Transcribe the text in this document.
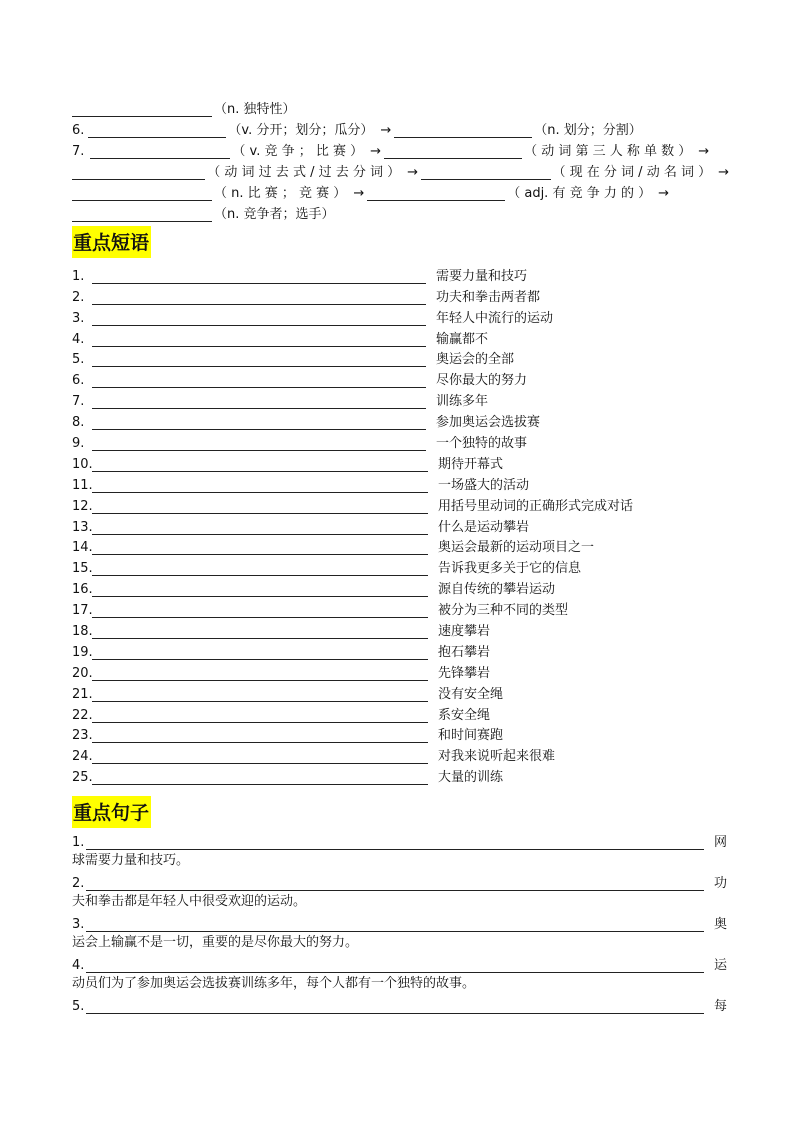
（n. 独特性）
6.	（v. 分开；划分；瓜分） →	（n. 划分；分割）
7.	（ v. 竞 争 ； 比 赛 ） →	（ 动 词 第 三 人 称 单 数 ） →
（ 动 词 过 去 式 / 过 去 分 词 ） →	（ 现 在 分 词 / 动 名 词 ） →
（ n. 比 赛 ； 竞 赛 ） →	（ adj. 有 竞 争 力 的 ） →
（n. 竞争者；选手）
重点短语
1.	需要力量和技巧
2.	功夫和拳击两者都
3.	年轻人中流行的运动
4.	输赢都不
5.	奥运会的全部
6.	尽你最大的努力
7.	训练多年
8.	参加奥运会选拔赛
9.	一个独特的故事
10.	期待开幕式
11.	一场盛大的活动
12.	用括号里动词的正确形式完成对话
13.	什么是运动攀岩
14.	奥运会最新的运动项目之一
15.	告诉我更多关于它的信息
16.	源自传统的攀岩运动
17.	被分为三种不同的类型
18.	速度攀岩
19.	抱石攀岩
20.	先锋攀岩
21.	没有安全绳
22.	系安全绳
23.	和时间赛跑
24.	对我来说听起来很难
25.	大量的训练
重点句子
1.	网
球需要力量和技巧。
2.	功
夫和拳击都是年轻人中很受欢迎的运动。
3.	奥
运会上输赢不是一切，重要的是尽你最大的努力。
4.	运
动员们为了参加奥运会选拔赛训练多年，每个人都有一个独特的故事。
5.	每
